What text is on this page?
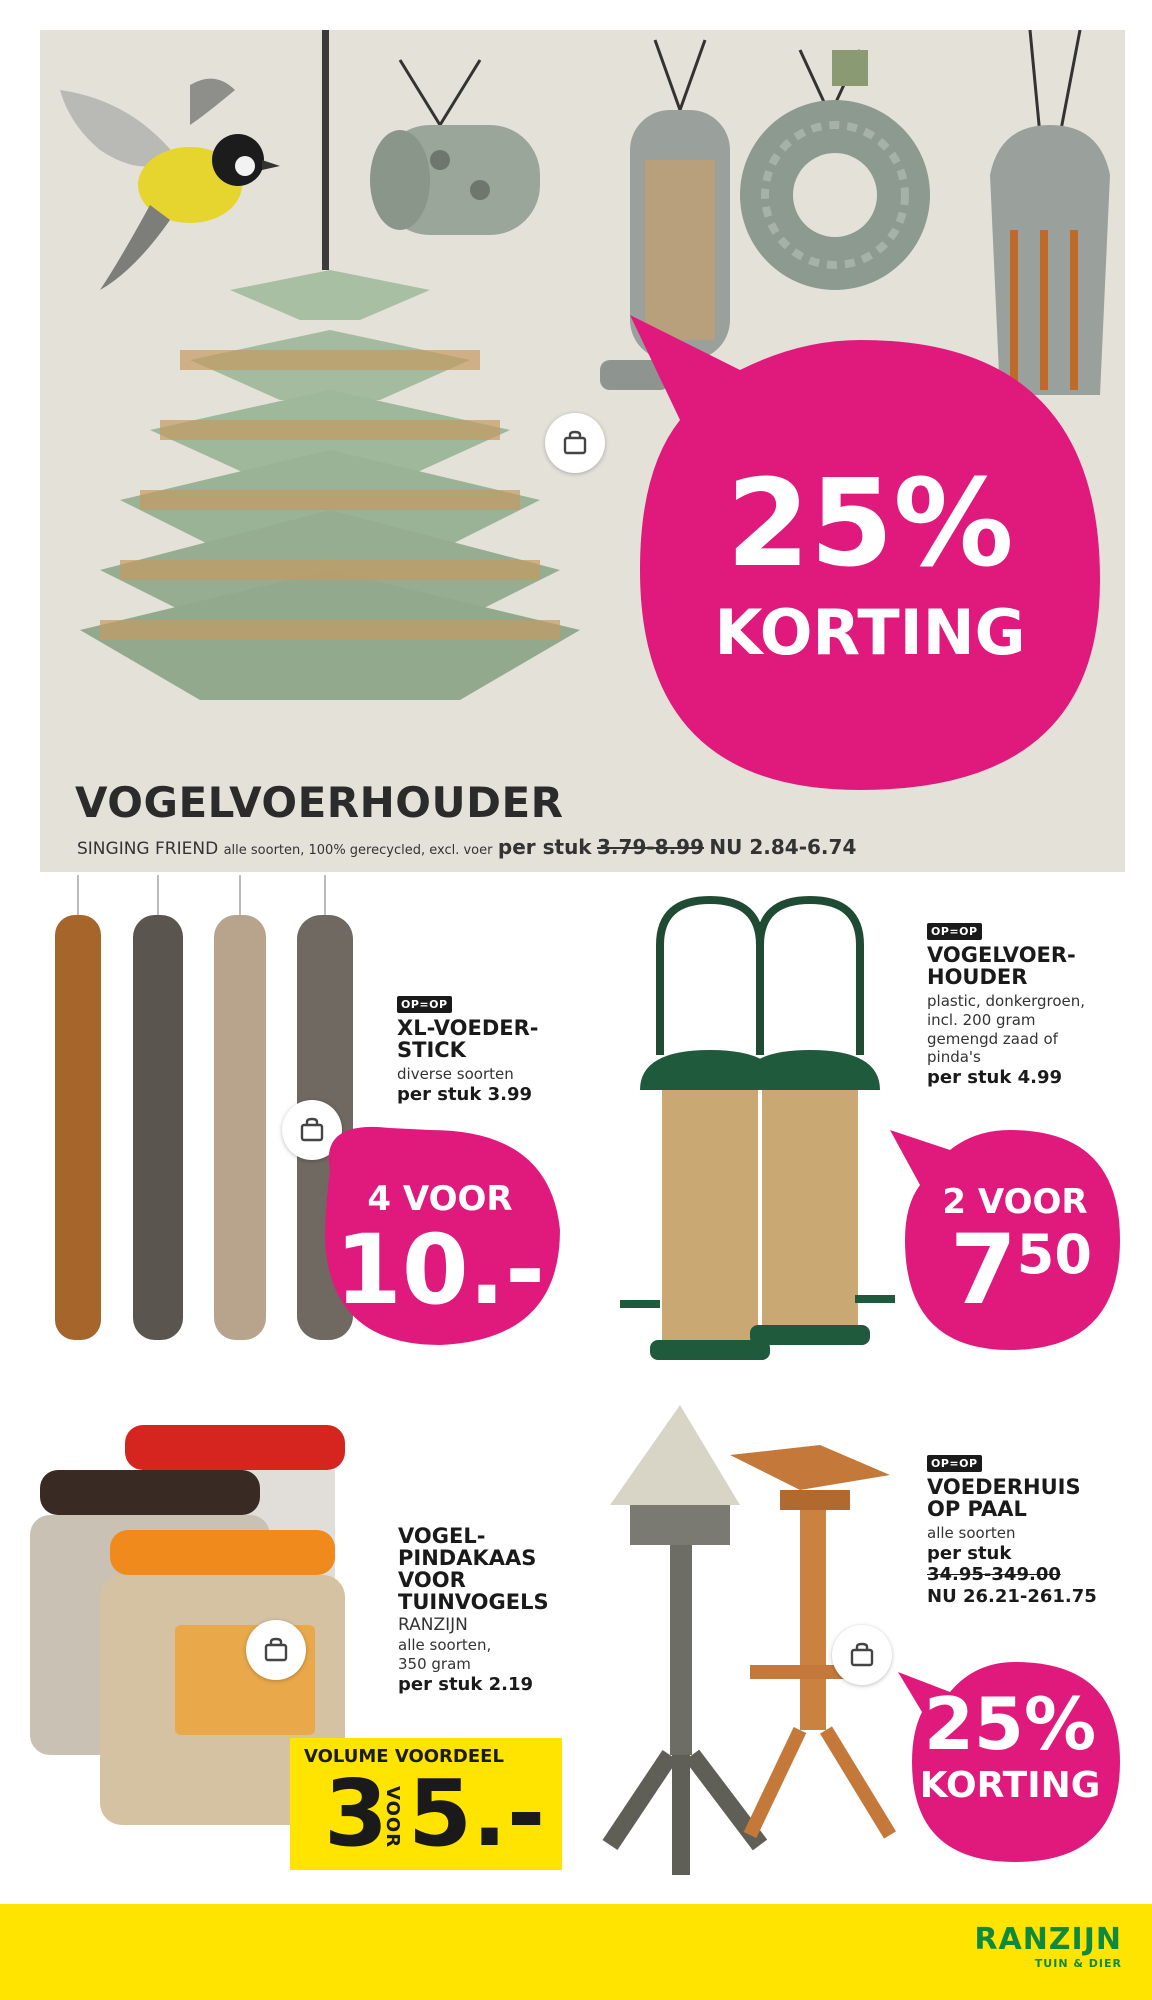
25%
KORTING
VOGELVOERHOUDER
SINGING FRIEND alle soorten, 100% gerecycled, excl. voer per stuk 3.79-8.99 NU 2.84-6.74
OP=OP
XL-VOEDER-
STICK
diverse soorten
per stuk 3.99
4 VOOR
10.-
OP=OP
VOGELVOER-
HOUDER
plastic, donkergroen,
incl. 200 gram
gemengd zaad of
pinda's
per stuk 4.99
2 VOOR
750
VOGEL-
PINDAKAAS
VOOR
TUINVOGELS
RANZIJN
alle soorten,
350 gram
per stuk 2.19
VOLUME VOORDEEL
3
VOOR 5.-
OP=OP
VOEDERHUIS
OP PAAL
alle soorten
per stuk
34.95-349.00
NU 26.21-261.75
25%
KORTING
RANZIJN
TUIN & DIER
